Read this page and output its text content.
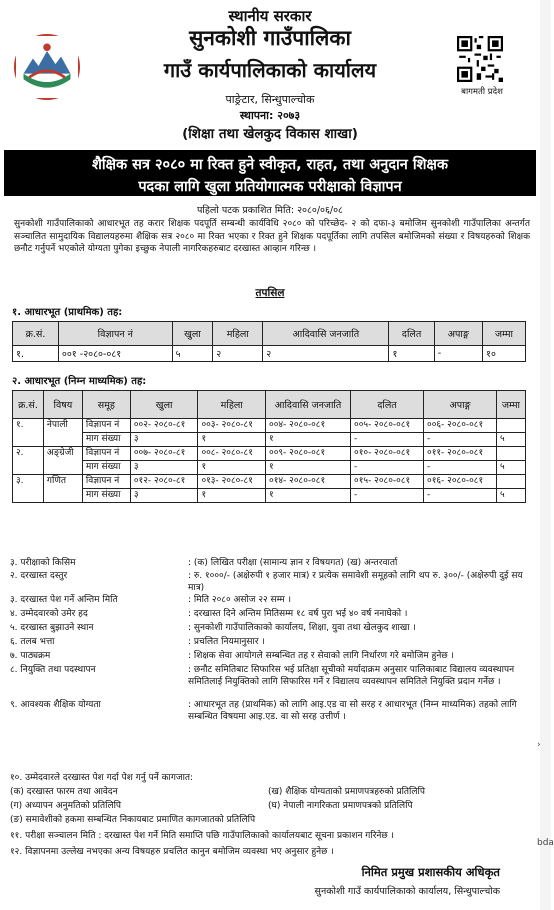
स्थानीय सरकार
सुनकोशी गाउँपालिका
गाउँ कार्यपालिकाको कार्यालय
पाङ्रेटार, सिन्धुपाल्चोक
स्थापना: २०७३
(शिक्षा तथा खेलकुद विकास शाखा)
बागमती प्रदेश
शैक्षिक सत्र २०८० मा रिक्त हुने स्वीकृत, राहत, तथा अनुदान शिक्षक
पदका लागि खुला प्रतियोगात्मक परीक्षाको विज्ञापन
पहिलो पटक प्रकाशित मिति: २०८०/०६/०८
सुनकोशी गाउँपालिकाको आधारभूत तह करार शिक्षक पदपूर्ति सम्बन्धी कार्यविधि २०८० को परिच्छेद- २ को दफा-३ बमोजिम सुनकोशी गाउँपालिका अन्तर्गत सञ्चालित सामुदायिक विद्यालयहरुमा शैक्षिक सत्र २०८० मा रिक्त भएका र रिक्त हुने शिक्षक पदपूर्तिका लागि तपसिल बमोजिमको संख्या र विषयहरुको शिक्षक छनौट गर्नुपर्ने भएकोले योग्यता पुगेका इच्छुक नेपाली नागरिकहरुबाट दरखास्त आव्हान गरिन्छ ।
तपसिल
१. आधारभूत (प्राथमिक) तह:
क्र.सं.	विज्ञापन नं	खुला	महिला	आदिवासि जनजाति	दलित	अपाङ्ग	जम्मा
१.	००१ -२०८०-०८१	५	२	२	१	-	१०
२. आधारभूत (निम्न माध्यमिक) तह:
क्र.सं.	विषय	समूह	खुला	महिला	आदिवासि जनजाति	दलित	अपाङ्ग	जम्मा
१.	नेपाली	विज्ञापन नं	००२- २०८०-८१	००३- २०८०-८१	००४- २०८०-०८१	००५- २०८०-०८१	००६- २०८०-०८१	
		माग संख्या	३	१	१	-	-	५
२.	अङ्ग्रेजी	विज्ञापन नं	००७- २०८०-८१	००८- २०८०-८१	००९- २०८०-०८१	०१०- २०८०-०८१	०११- २०८०-०८१	
		माग संख्या	३	१	१	-	-	५
३.	गणित	विज्ञापन नं	०१२- २०८०-८१	०१३- २०८०-८१	०१४- २०८०-०८१	०१५- २०८०-०८१	०१६- २०८०-०८१	
		माग संख्या	३	१	१	-	-	५
३. परीक्षाको किसिम	: (क) लिखित परीक्षा (सामान्य ज्ञान र विषयगत) (ख) अन्तरवार्ता
२. दरखास्त दस्तुर	: रु. १०००/- (अक्षेरुपी १ हजार मात्र) र प्रत्येक समावेशी समूहको लागि थप रु. ३००/- (अक्षेरुपी दुई सय मात्र)
३. दरखास्त पेश गर्ने अन्तिम मिति	: मिति २०८० असोज २२ सम्म ।
४. उम्मेदवारको उमेर हद	: दरखास्त दिने अन्तिम मितिसम्म १८ वर्ष पुरा भई ४० वर्ष ननाघेको ।
५. दरखास्त बुझाउने स्थान	: सुनकोशी गाउँपालिकाको कार्यालय, शिक्षा, युवा तथा खेलकुद शाखा ।
६. तलब भत्ता	: प्रचलित नियमानुसार ।
७. पाठ्यक्रम	: शिक्षक सेवा आयोगले सम्बन्धित तह र सेवाको लागि निर्धारण गरे बमोजिम हुनेछ ।
८. नियुक्ति तथा पदस्थापन	: छनौट समितिबाट सिफारिस भई प्रतिक्षा सूचीको मर्यादाक्रम अनुसार पालिकाबाट विद्यालय व्यवस्थापन समितिलाई नियुक्तिको लागि सिफारिस गर्ने र विद्यालय व्यवस्थापन समितिले नियुक्ति प्रदान गर्नेछ ।
९. आवश्यक शैक्षिक योग्यता	: आधारभूत तह (प्राथमिक) को लागि आइ.एड वा सो सरह र आधारभूत (निम्न माध्यमिक) तहको लागि सम्बन्धित विषयमा आइ.एड. वा सो सरह उत्तीर्ण ।
१०. उम्मेदवारले दरखास्त पेश गर्दा पेश गर्नु पर्ने कागजात:
(क) दरखास्त फारम तथा आवेदन	(ख) शैक्षिक योग्यताको प्रमाणपत्रहरुको प्रतिलिपि
(ग) अध्यापन अनुमतिको प्रतिलिपि	(घ) नेपाली नागरिकता प्रमाणपत्रको प्रतिलिपि
(ङ) समावेशीको हकमा सम्बन्धित निकायबाट प्रमाणित कागजातको प्रतिलिपि
११. परीक्षा सञ्चालन मिति : दरखास्त पेश गर्ने मिति समाप्ति पछि गाउँपालिकाको कार्यालयबाट सूचना प्रकाशन गरिनेछ ।
१२. विज्ञापनमा उल्लेख नभएका अन्य विषयहरु प्रचलित कानुन बमोजिम व्यवस्था भए अनुसार हुनेछ ।
निमित प्रमुख प्रशासकीय अधिकृत
सुनकोशी गाउँ कार्यपालिकाको कार्यालय, सिन्धुपाल्चोक
›
bda
